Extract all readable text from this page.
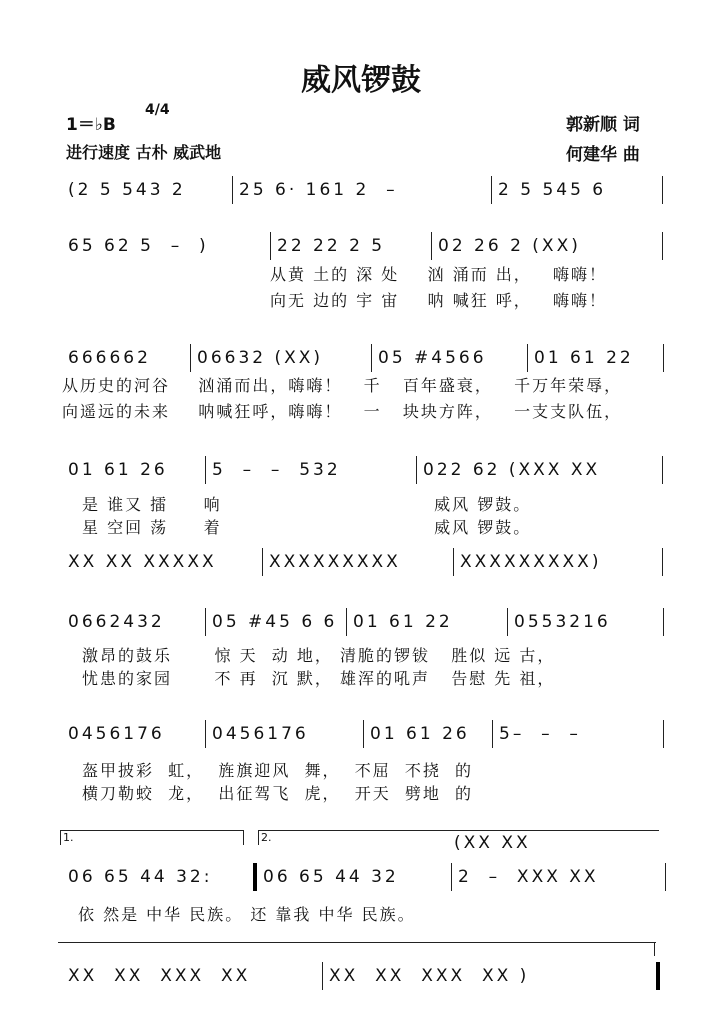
威风锣鼓
1＝♭B
4/4
进行速度 古朴 威武地
郭新顺 词
何建华 曲
(2 5 543 2	25 6· 161 2  –	2 5 545 6
65 62 5  –  )	22 22 2 5	02 26 2 (XX)
从黄 土的 深 处    汹 涌而 出，   嗨嗨！
向无 边的 宇 宙    呐 喊狂 呼，   嗨嗨！
666662	06632 (XX)	05 #4566	01 61 22
从历史的河谷    汹涌而出，嗨嗨！   千   百年盛衰，   千万年荣辱，
向遥远的未来    呐喊狂呼，嗨嗨！   一   块块方阵，   一支支队伍，
01 61 26	5  –  –  532	022 62 (XXX XX
是 谁又 擂     响                              威风 锣鼓。
星 空回 荡     着                              威风 锣鼓。
XX XX XXXXX	XXXXXXXXX	XXXXXXXXX)
0662432	05 #45 6 6 01 61 22	0553216
激昂的鼓乐      惊 天  动 地， 清脆的锣钹   胜似 远 古，
忧患的家园      不 再  沉 默， 雄浑的吼声   告慰 先 祖，
0456176	0456176	01 61 26	5–  –  –
盔甲披彩  虹，  旌旗迎风  舞，  不屈  不挠  的
横刀勒蛟  龙，  出征驾飞  虎，  开天  劈地  的
06 65 44 32:	06 65 44 32	2  –  XXX XX
依 然是 中华 民族。 还 靠我 中华 民族。
1.	2.	(XX XX
XX  XX  XXX  XX	XX  XX  XXX  XX )
